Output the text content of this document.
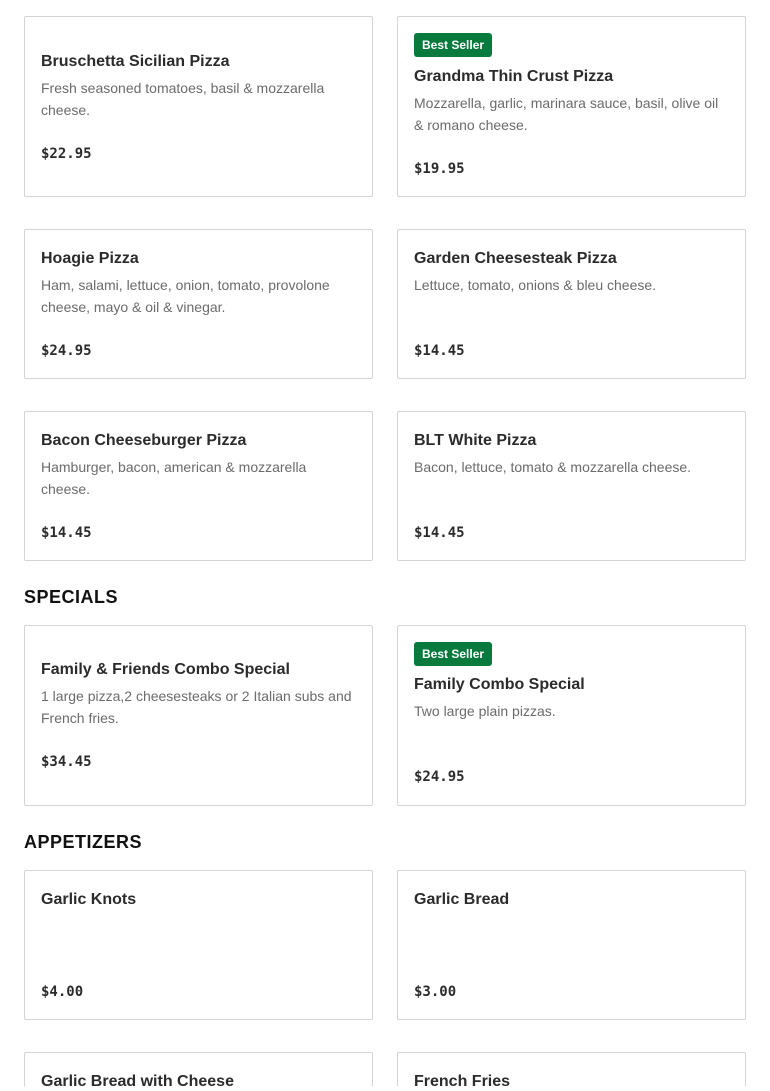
Bruschetta Sicilian Pizza
Fresh seasoned tomatoes, basil & mozzarella cheese.
$22.95
Best Seller
Grandma Thin Crust Pizza
Mozzarella, garlic, marinara sauce, basil, olive oil & romano cheese.
$19.95
Hoagie Pizza
Ham, salami, lettuce, onion, tomato, provolone cheese, mayo & oil & vinegar.
$24.95
Garden Cheesesteak Pizza
Lettuce, tomato, onions & bleu cheese.
$14.45
Bacon Cheeseburger Pizza
Hamburger, bacon, american & mozzarella cheese.
$14.45
BLT White Pizza
Bacon, lettuce, tomato & mozzarella cheese.
$14.45
SPECIALS
Family & Friends Combo Special
1 large pizza,2 cheesesteaks or 2 Italian subs and French fries.
$34.45
Best Seller
Family Combo Special
Two large plain pizzas.
$24.95
APPETIZERS
Garlic Knots
$4.00
Garlic Bread
$3.00
Garlic Bread with Cheese	French Fries
